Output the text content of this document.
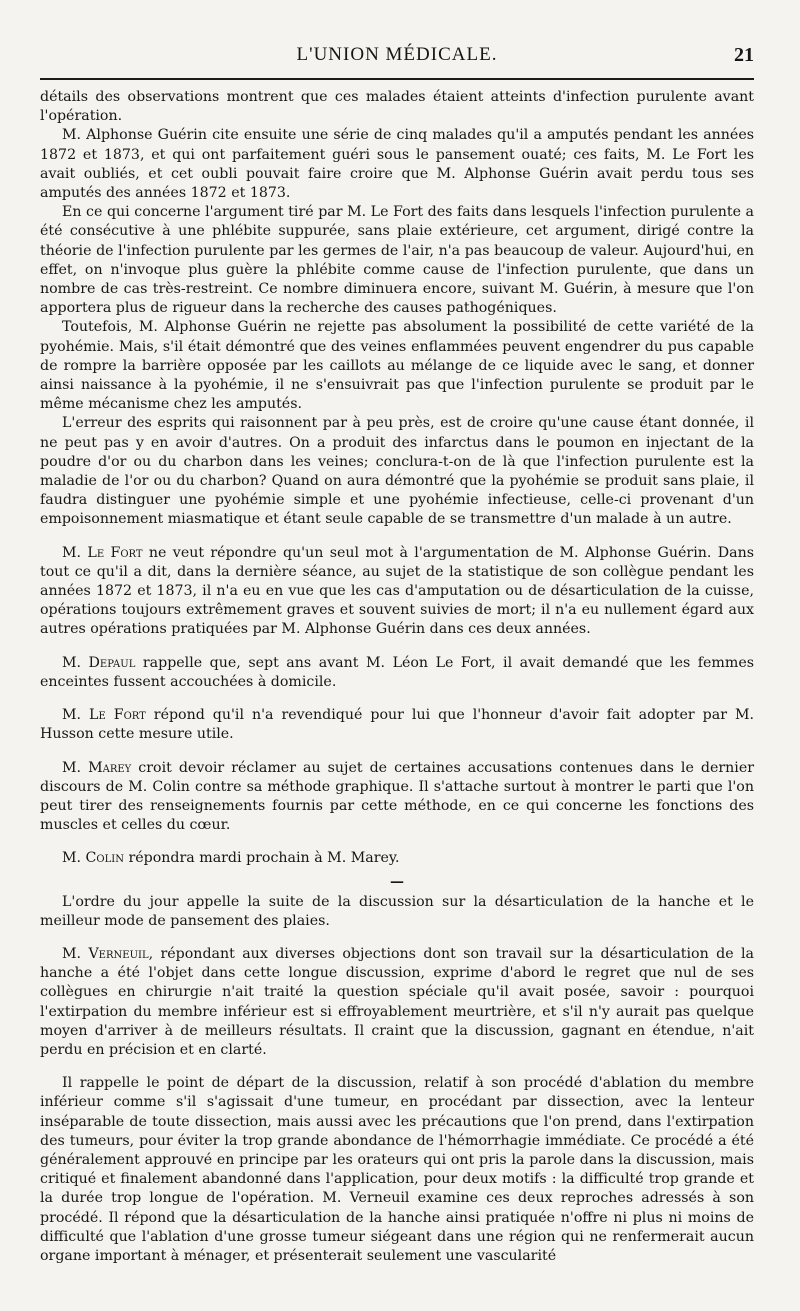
L'UNION MÉDICALE.	21

détails des observations montrent que ces malades étaient atteints d'infection purulente avant l'opération.

M. Alphonse Guérin cite ensuite une série de cinq malades qu'il a amputés pendant les années 1872 et 1873, et qui ont parfaitement guéri sous le pansement ouaté; ces faits, M. Le Fort les avait oubliés, et cet oubli pouvait faire croire que M. Alphonse Guérin avait perdu tous ses amputés des années 1872 et 1873.

En ce qui concerne l'argument tiré par M. Le Fort des faits dans lesquels l'infection purulente a été consécutive à une phlébite suppurée, sans plaie extérieure, cet argument, dirigé contre la théorie de l'infection purulente par les germes de l'air, n'a pas beaucoup de valeur. Aujourd'hui, en effet, on n'invoque plus guère la phlébite comme cause de l'infection purulente, que dans un nombre de cas très-restreint. Ce nombre diminuera encore, suivant M. Guérin, à mesure que l'on apportera plus de rigueur dans la recherche des causes pathogéniques.

Toutefois, M. Alphonse Guérin ne rejette pas absolument la possibilité de cette variété de la pyohémie. Mais, s'il était démontré que des veines enflammées peuvent engendrer du pus capable de rompre la barrière opposée par les caillots au mélange de ce liquide avec le sang, et donner ainsi naissance à la pyohémie, il ne s'ensuivrait pas que l'infection purulente se produit par le même mécanisme chez les amputés.

L'erreur des esprits qui raisonnent par à peu près, est de croire qu'une cause étant donnée, il ne peut pas y en avoir d'autres. On a produit des infarctus dans le poumon en injectant de la poudre d'or ou du charbon dans les veines; conclura-t-on de là que l'infection purulente est la maladie de l'or ou du charbon? Quand on aura démontré que la pyohémie se produit sans plaie, il faudra distinguer une pyohémie simple et une pyohémie infectieuse, celle-ci provenant d'un empoisonnement miasmatique et étant seule capable de se transmettre d'un malade à un autre.

M. Le Fort ne veut répondre qu'un seul mot à l'argumentation de M. Alphonse Guérin. Dans tout ce qu'il a dit, dans la dernière séance, au sujet de la statistique de son collègue pendant les années 1872 et 1873, il n'a eu en vue que les cas d'amputation ou de désarticulation de la cuisse, opérations toujours extrêmement graves et souvent suivies de mort; il n'a eu nullement égard aux autres opérations pratiquées par M. Alphonse Guérin dans ces deux années.

M. Depaul rappelle que, sept ans avant M. Léon Le Fort, il avait demandé que les femmes enceintes fussent accouchées à domicile.

M. Le Fort répond qu'il n'a revendiqué pour lui que l'honneur d'avoir fait adopter par M. Husson cette mesure utile.

M. Marey croit devoir réclamer au sujet de certaines accusations contenues dans le dernier discours de M. Colin contre sa méthode graphique. Il s'attache surtout à montrer le parti que l'on peut tirer des renseignements fournis par cette méthode, en ce qui concerne les fonctions des muscles et celles du cœur.

M. Colin répondra mardi prochain à M. Marey.

—

L'ordre du jour appelle la suite de la discussion sur la désarticulation de la hanche et le meilleur mode de pansement des plaies.

M. Verneuil, répondant aux diverses objections dont son travail sur la désarticulation de la hanche a été l'objet dans cette longue discussion, exprime d'abord le regret que nul de ses collègues en chirurgie n'ait traité la question spéciale qu'il avait posée, savoir : pourquoi l'extirpation du membre inférieur est si effroyablement meurtrière, et s'il n'y aurait pas quelque moyen d'arriver à de meilleurs résultats. Il craint que la discussion, gagnant en étendue, n'ait perdu en précision et en clarté.

Il rappelle le point de départ de la discussion, relatif à son procédé d'ablation du membre inférieur comme s'il s'agissait d'une tumeur, en procédant par dissection, avec la lenteur inséparable de toute dissection, mais aussi avec les précautions que l'on prend, dans l'extirpation des tumeurs, pour éviter la trop grande abondance de l'hémorrhagie immédiate. Ce procédé a été généralement approuvé en principe par les orateurs qui ont pris la parole dans la discussion, mais critiqué et finalement abandonné dans l'application, pour deux motifs : la difficulté trop grande et la durée trop longue de l'opération. M. Verneuil examine ces deux reproches adressés à son procédé. Il répond que la désarticulation de la hanche ainsi pratiquée n'offre ni plus ni moins de difficulté que l'ablation d'une grosse tumeur siégeant dans une région qui ne renfermerait aucun organe important à ménager, et présenterait seulement une vascularité
